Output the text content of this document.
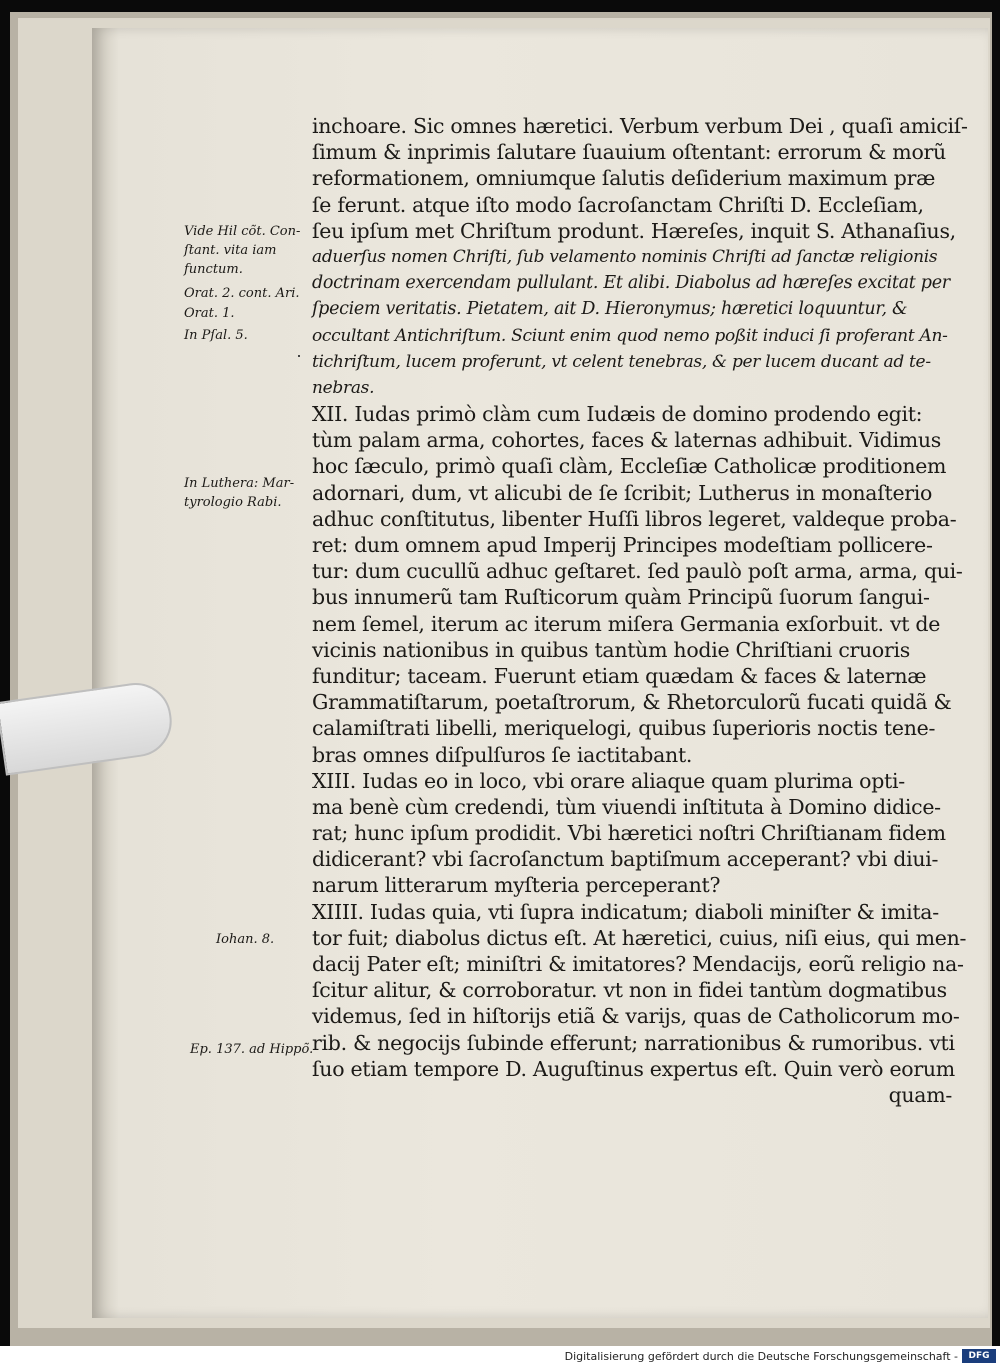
inchoare. Sic omnes hæretici. Verbum verbum Dei , quaſi amiciſ-
ſimum & inprimis ſalutare ſuauium oſtentant: errorum & morũ
reformationem, omniumque ſalutis deſiderium maximum præ
ſe ferunt. atque iſto modo ſacroſanctam Chriſti D. Eccleſiam,
ſeu ipſum met Chriſtum produnt. Hæreſes, inquit S. Athanaſius,
aduerſus nomen Chriſti, ſub velamento nominis Chriſti ad ſanctæ religionis
doctrinam exercendam pullulant. Et alibi. Diabolus ad hæreſes excitat per
ſpeciem veritatis. Pietatem, ait D. Hieronymus; hæretici loquuntur, &
occultant Antichriſtum. Sciunt enim quod nemo poßit induci ſi proferant An-
tichriſtum, lucem proferunt, vt celent tenebras, & per lucem ducant ad te-
nebras.
XII. Iudas primò clàm cum Iudæis de domino prodendo egit:
tùm palam arma, cohortes, faces & laternas adhibuit. Vidimus
hoc ſæculo, primò quaſi clàm, Eccleſiæ Catholicæ proditionem
adornari, dum, vt alicubi de ſe ſcribit; Lutherus in monaſterio
adhuc conſtitutus, libenter Huſſi libros legeret, valdeque proba-
ret: dum omnem apud Imperij Principes modeſtiam pollicere-
tur: dum cucullũ adhuc geſtaret. ſed paulò poſt arma, arma, qui-
bus innumerũ tam Ruſticorum quàm Principũ ſuorum ſangui-
nem ſemel, iterum ac iterum miſera Germania exſorbuit. vt de
vicinis nationibus in quibus tantùm hodie Chriſtiani cruoris
funditur; taceam. Fuerunt etiam quædam & faces & laternæ
Grammatiſtarum, poetaſtrorum, & Rhetorculorũ fucati quidã &
calamiſtrati libelli, meriquelogi, quibus ſuperioris noctis tene-
bras omnes diſpulſuros ſe iactitabant.
XIII. Iudas eo in loco, vbi orare aliaque quam plurima opti-
ma benè cùm credendi, tùm viuendi inſtituta à Domino didice-
rat; hunc ipſum prodidit. Vbi hæretici noſtri Chriſtianam fidem
didicerant? vbi ſacroſanctum baptiſmum acceperant? vbi diui-
narum litterarum myſteria perceperant?
XIIII. Iudas quia, vti ſupra indicatum; diaboli miniſter & imita-
tor fuit; diabolus dictus eſt. At hæretici, cuius, niſi eius, qui men-
dacij Pater eſt; miniſtri & imitatores? Mendacijs, eorũ religio na-
ſcitur alitur, & corroboratur. vt non in fidei tantùm dogmatibus
videmus, ſed in hiſtorijs etiã & varijs, quas de Catholicorum mo-
rib. & negocijs ſubinde efferunt; narrationibus & rumoribus. vti
ſuo etiam tempore D. Auguſtinus expertus eſt. Quin verò eorum
quam-
Vide Hil cõt. Con-
ſtant. vita iam
functum.
Orat. 2. cont. Ari.
Orat. 1.
In Pſal. 5.
In Luthera: Mar-
tyrologio Rabi.
Iohan. 8.
Ep. 137. ad Hippõ.
Digitalisierung gefördert durch die Deutsche Forschungsgemeinschaft -	DFG
